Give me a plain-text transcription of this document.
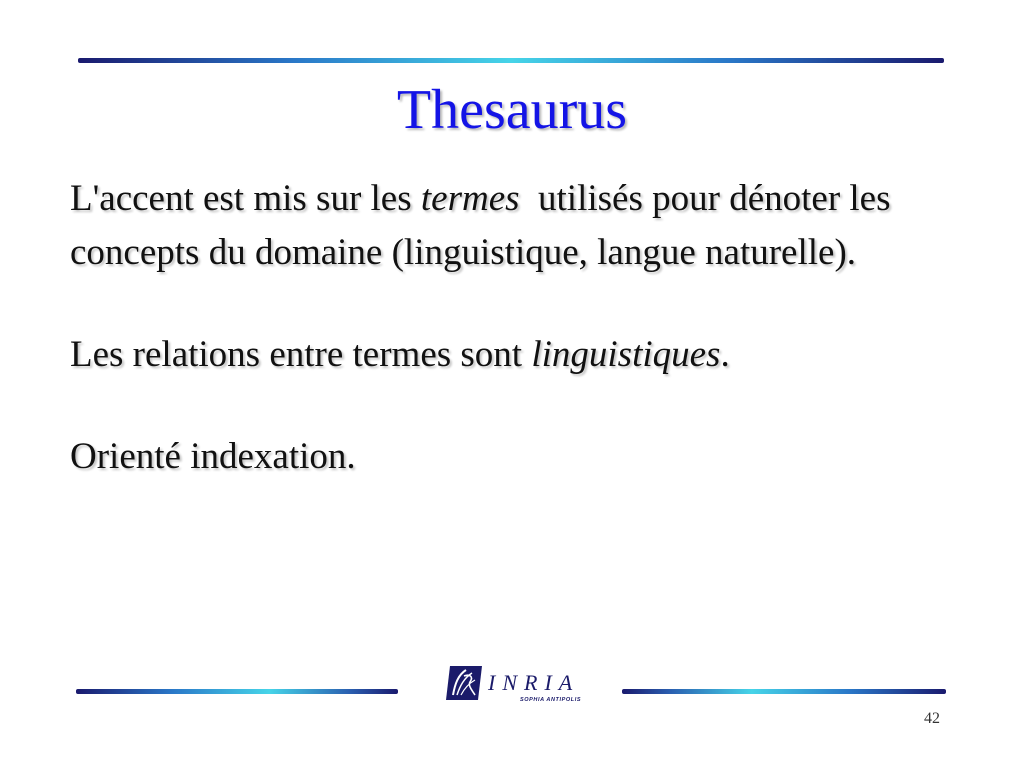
Thesaurus

L'accent est mis sur les termes  utilisés pour dénoter les concepts du domaine (linguistique, langue naturelle).

Les relations entre termes sont linguistiques.

Orienté indexation.

INRIA
SOPHIA ANTIPOLIS
42
